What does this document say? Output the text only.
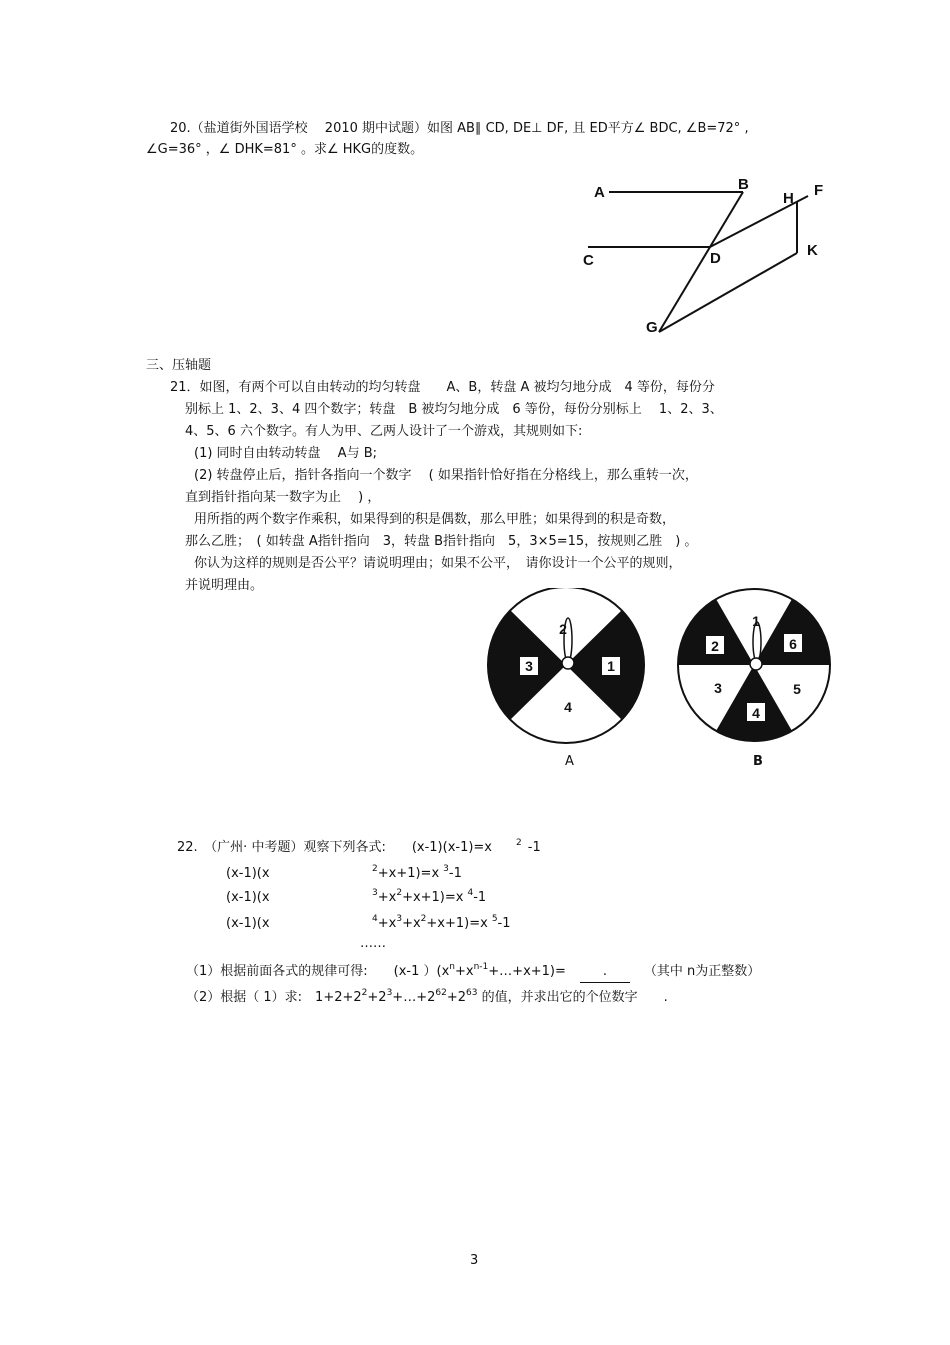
20.（盐道街外国语学校　 2010 期中试题）如图 AB∥ CD, DE⊥ DF, 且 ED平方∠ BDC, ∠B=72° ,
∠G=36° ，∠ DHK=81° 。求∠ HKG的度数。
A	B
H F
C	D	K
G
三、压轴题
21．如图，有两个可以自由转动的均匀转盘　　A、B，转盘 A 被均匀地分成　4 等份，每份分
别标上 1、2、3、4 四个数字；转盘　B 被均匀地分成　6 等份，每份分别标上　 1、2、3、
4、5、6 六个数字。有人为甲、乙两人设计了一个游戏，其规则如下:
(1) 同时自由转动转盘　 A与 B;
(2) 转盘停止后，指针各指向一个数字　 ( 如果指针恰好指在分格线上，那么重转一次，
直到指针指向某一数字为止　 ) ，
用所指的两个数字作乘积，如果得到的积是偶数，那么甲胜；如果得到的积是奇数，
那么乙胜；　( 如转盘 A指针指向　3，转盘 B指针指向　5，3×5=15，按规则乙胜　) 。
你认为这样的规则是否公平？请说明理由；如果不公平，　请你设计一个公平的规则，
并说明理由。
2
1
4
3
1
6
5
4
3
2
A	B
22.　（广州· 中考题）观察下列各式:　　(x-1)(x-1)=x	$^2$ -1
(x-1)(x	$^2$+x+1)=x $^3$-1
(x-1)(x	$^3+x^2+x+1)=x$ $^4$-1
(x-1)(x	$^4+x^3+x^2+x+1)=x$ $^5$-1
……
（1）根据前面各式的规律可得:　　(x-1 ）$(x^n+x^{n-1}+\dots+x+1)=$	.	（其中 n为正整数）
（2）根据（ 1）求:　$1+2+2^2+2^3+\dots+2^{62}+2^{63}$ 的值，并求出它的个位数字　　.
3
